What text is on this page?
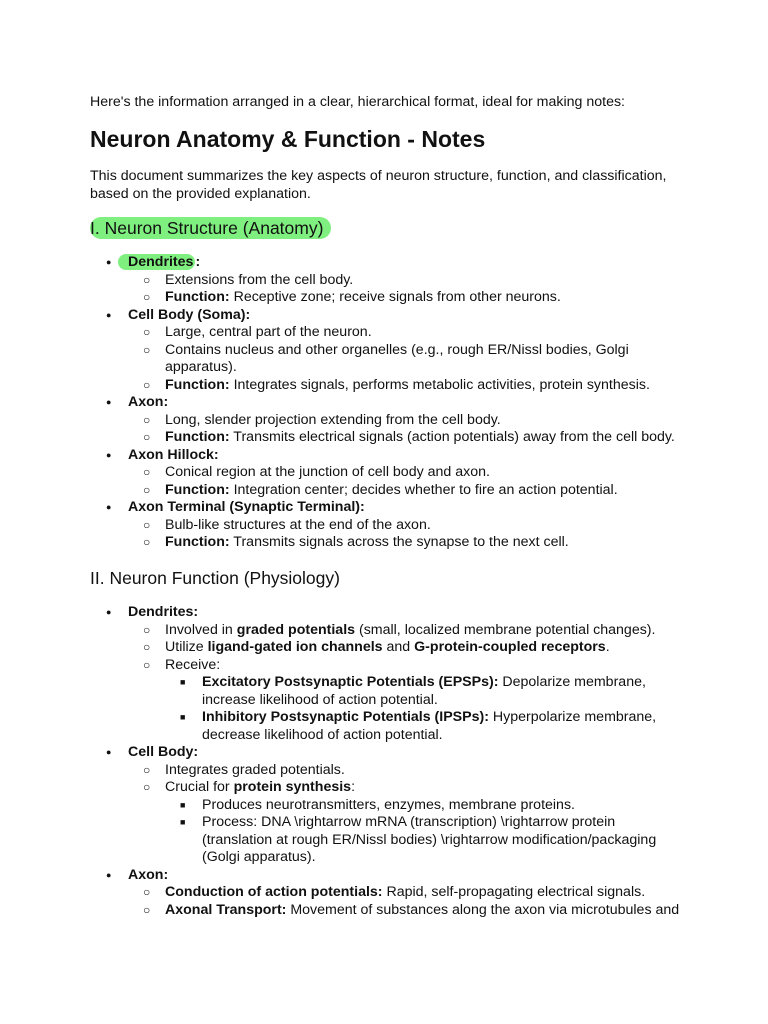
Here's the information arranged in a clear, hierarchical format, ideal for making notes:
Neuron Anatomy & Function - Notes

This document summarizes the key aspects of neuron structure, function, and classification, based on the provided explanation.

I. Neuron Structure (Anatomy)
● Dendrites :
○ Extensions from the cell body.
○ Function: Receptive zone; receive signals from other neurons.
● Cell Body (Soma):
○ Large, central part of the neuron.
○ Contains nucleus and other organelles (e.g., rough ER/Nissl bodies, Golgi apparatus).
○ Function: Integrates signals, performs metabolic activities, protein synthesis.
● Axon:
○ Long, slender projection extending from the cell body.
○ Function: Transmits electrical signals (action potentials) away from the cell body.
● Axon Hillock:
○ Conical region at the junction of cell body and axon.
○ Function: Integration center; decides whether to fire an action potential.
● Axon Terminal (Synaptic Terminal):
○ Bulb-like structures at the end of the axon.
○ Function: Transmits signals across the synapse to the next cell.
II. Neuron Function (Physiology)
● Dendrites:
○ Involved in graded potentials (small, localized membrane potential changes).
○ Utilize ligand-gated ion channels and G-protein-coupled receptors.
○ Receive:
■ Excitatory Postsynaptic Potentials (EPSPs): Depolarize membrane, increase likelihood of action potential.
■ Inhibitory Postsynaptic Potentials (IPSPs): Hyperpolarize membrane, decrease likelihood of action potential.
● Cell Body:
○ Integrates graded potentials.
○ Crucial for protein synthesis:
■ Produces neurotransmitters, enzymes, membrane proteins.
■ Process: DNA \rightarrow mRNA (transcription) \rightarrow protein (translation at rough ER/Nissl bodies) \rightarrow modification/packaging (Golgi apparatus).
● Axon:
○ Conduction of action potentials: Rapid, self-propagating electrical signals.
○ Axonal Transport: Movement of substances along the axon via microtubules and
